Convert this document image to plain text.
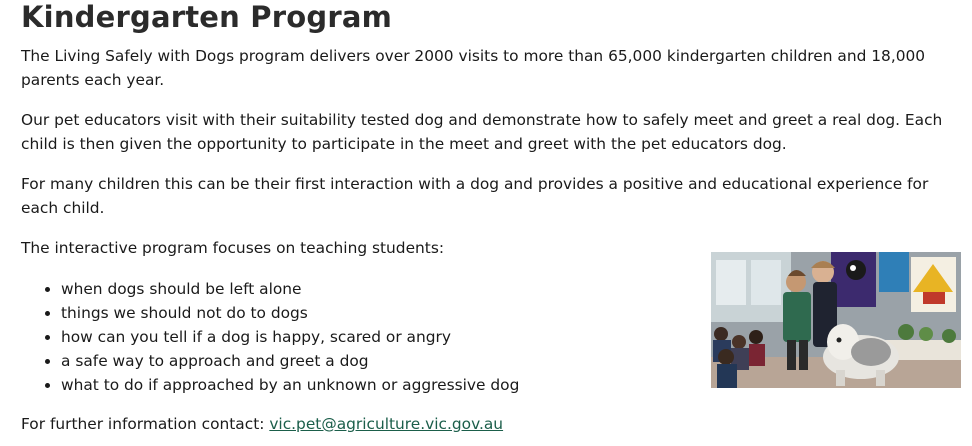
Kindergarten Program

The Living Safely with Dogs program delivers over 2000 visits to more than 65,000 kindergarten children and 18,000 parents each year.

Our pet educators visit with their suitability tested dog and demonstrate how to safely meet and greet a real dog. Each child is then given the opportunity to participate in the meet and greet with the pet educators dog.

For many children this can be their first interaction with a dog and provides a positive and educational experience for each child.

The interactive program focuses on teaching students:

• when dogs should be left alone
• things we should not do to dogs
• how can you tell if a dog is happy, scared or angry
• a safe way to approach and greet a dog
• what to do if approached by an unknown or aggressive dog

For further information contact: vic.pet@agriculture.vic.gov.au
